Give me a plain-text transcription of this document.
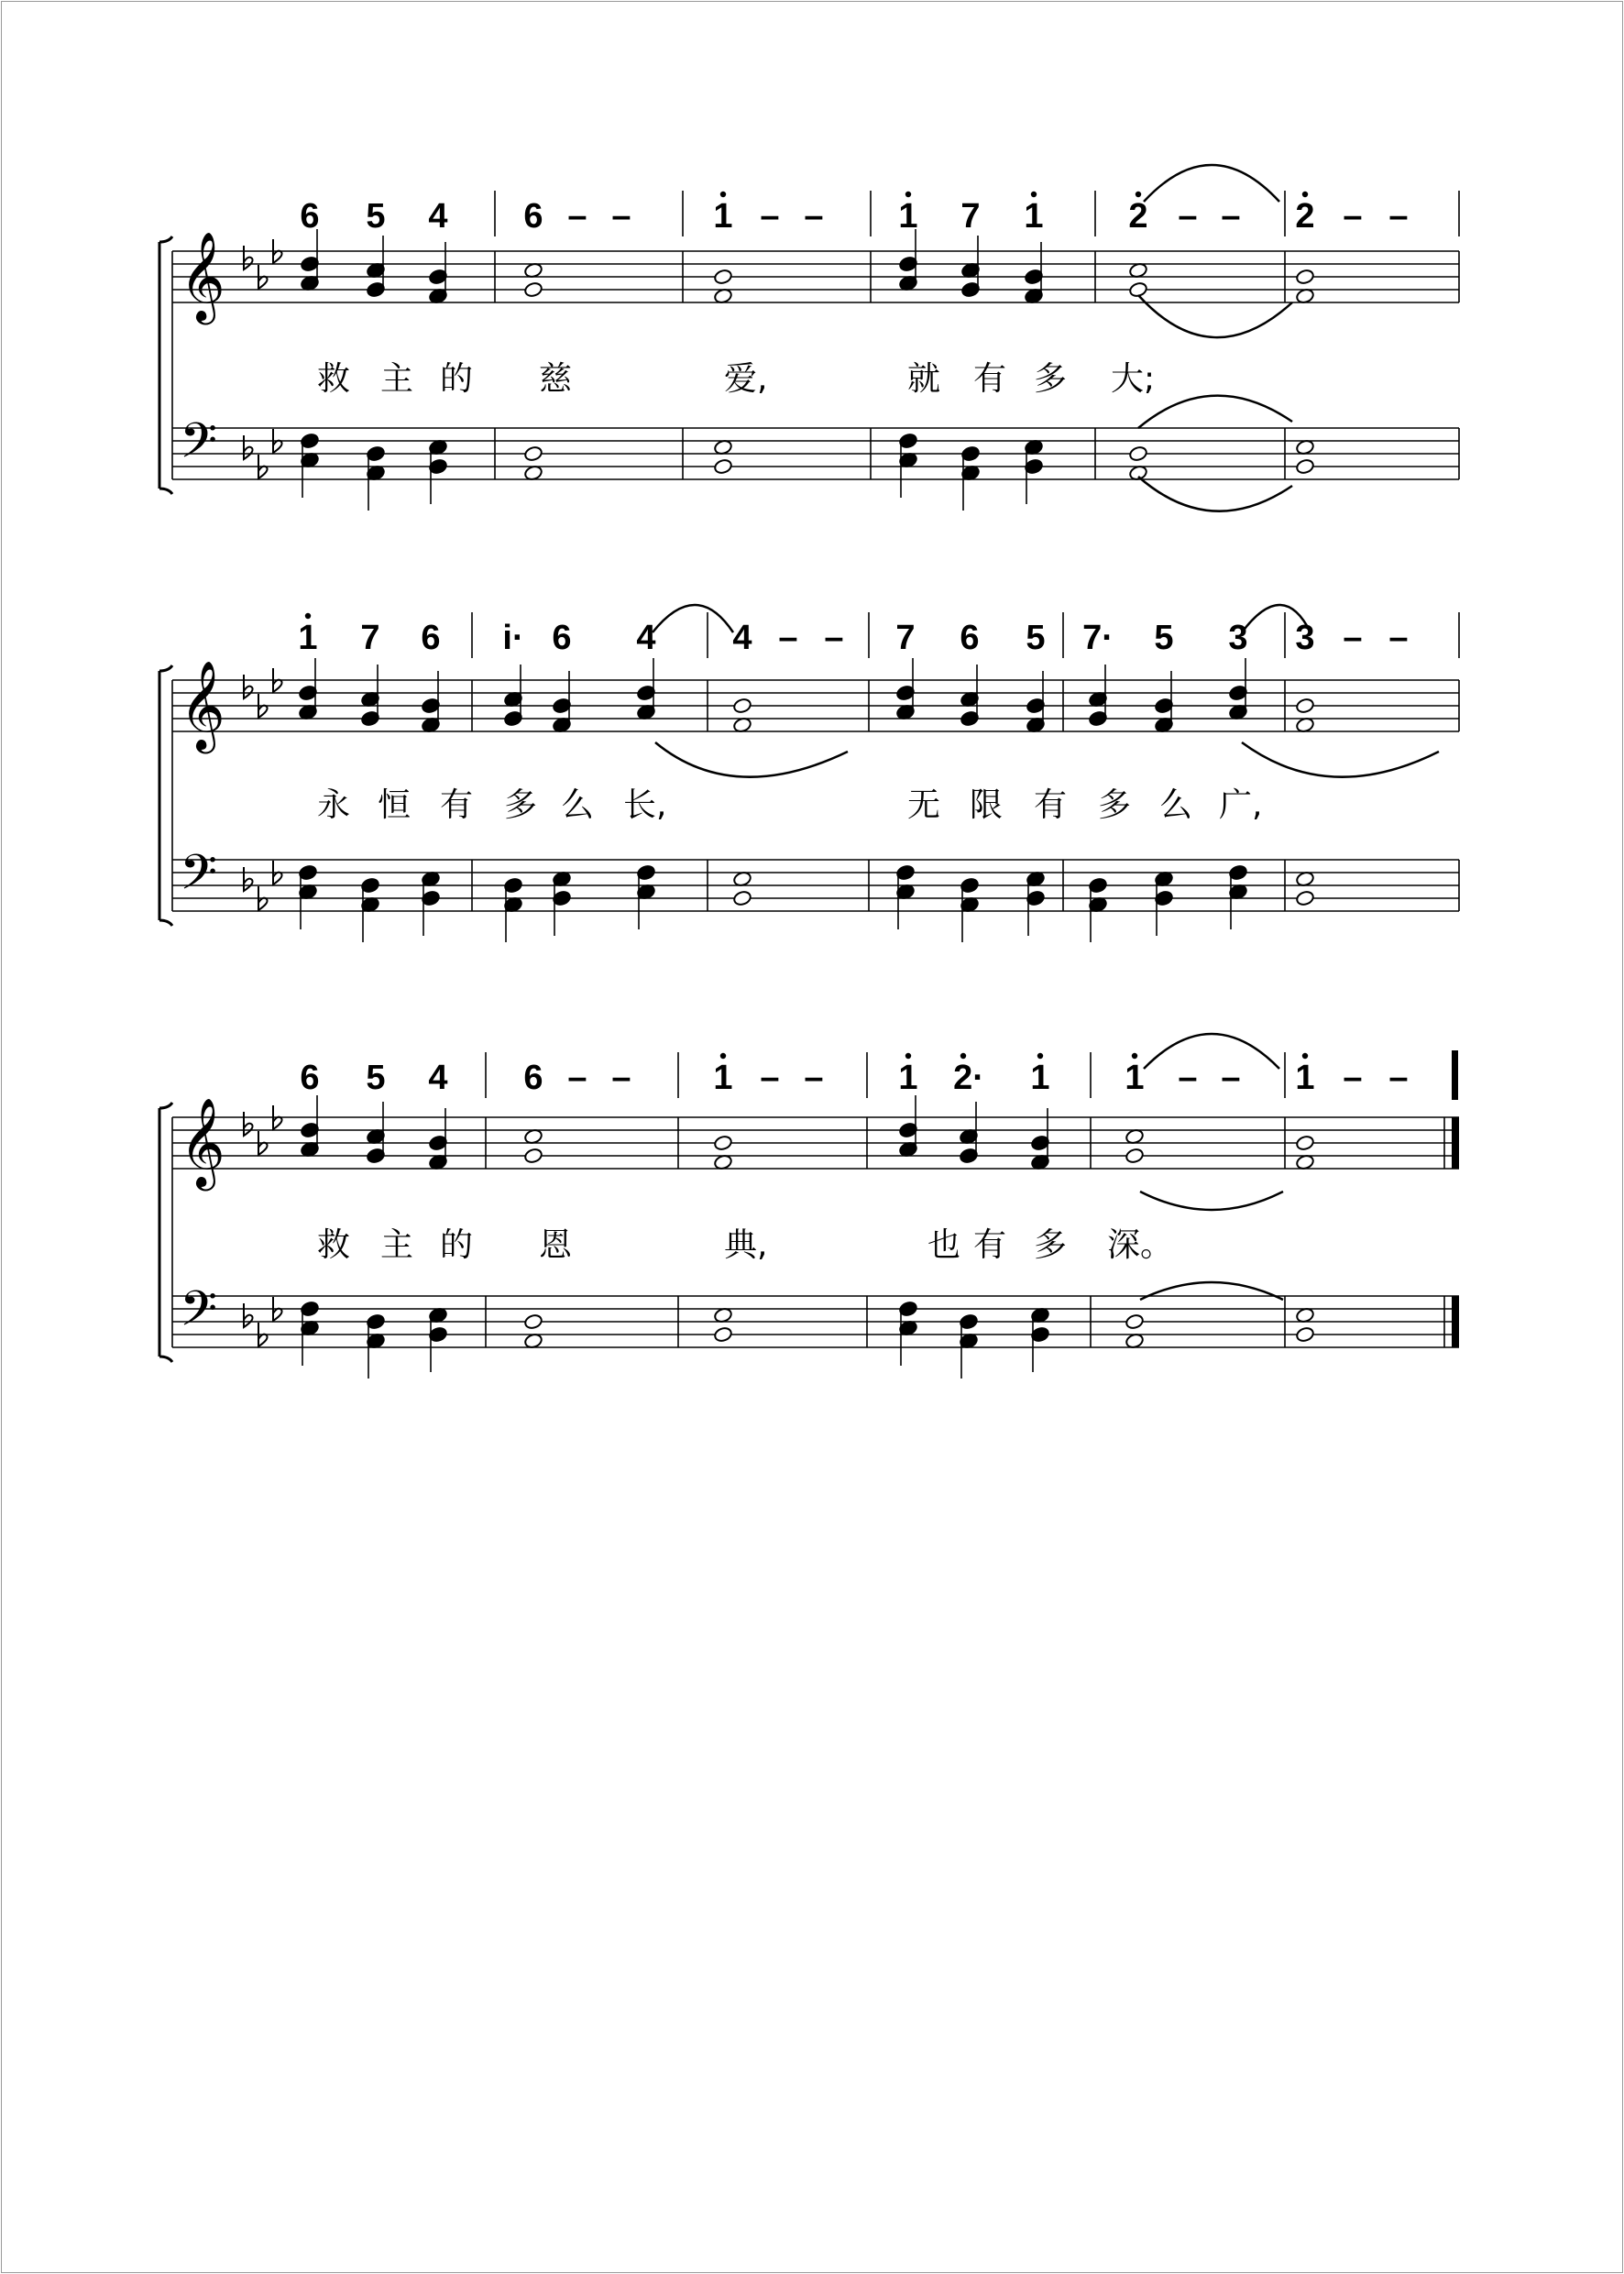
6 5 4 6 – – 1 – – 1 7 1 2 – – 2 – –
𝄞
𝄢
救 主 的 慈	爱,	就 有 多 大;
1 7 6 i· 6 4 4 – – 7 6 5 7· 5 3 3 – –
𝄞
𝄢
永 恒 有 多 么 长,	无 限 有 多 么 广,
6 5 4 6 – – 1 – – 1 2· 1 1 – – 1 – –
𝄞
𝄢
救 主 的 恩	典,	也 有 多 深。
